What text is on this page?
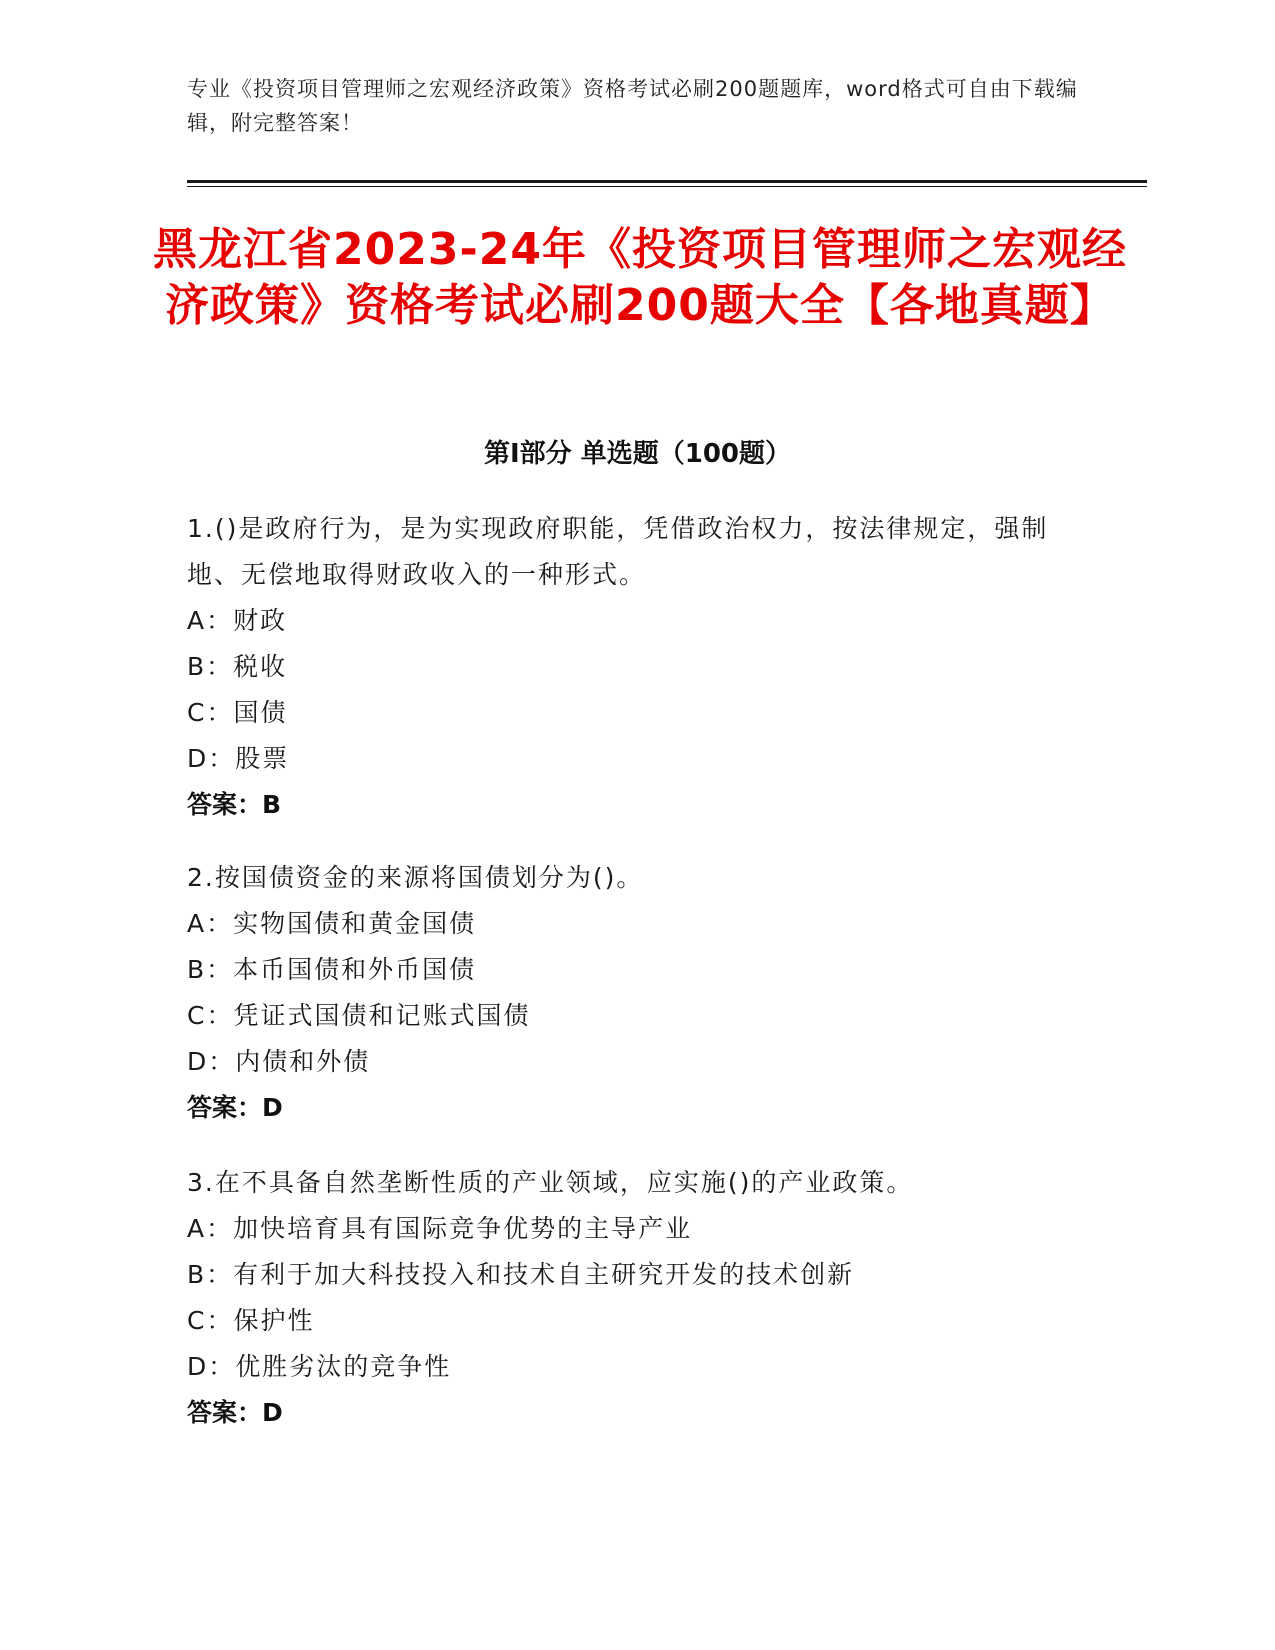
专业《投资项目管理师之宏观经济政策》资格考试必刷200题题库，word格式可自由下载编辑，附完整答案！
黑龙江省2023-24年《投资项目管理师之宏观经济政策》资格考试必刷200题大全【各地真题】
第Ⅰ部分 单选题（100题）

1.()是政府行为，是为实现政府职能，凭借政治权力，按法律规定，强制地、无偿地取得财政收入的一种形式。

A：财政

B：税收

C：国债

D：股票

答案：B

2.按国债资金的来源将国债划分为()。

A：实物国债和黄金国债

B：本币国债和外币国债

C：凭证式国债和记账式国债

D：内债和外债

答案：D

3.在不具备自然垄断性质的产业领域，应实施()的产业政策。

A：加快培育具有国际竞争优势的主导产业

B：有利于加大科技投入和技术自主研究开发的技术创新

C：保护性

D：优胜劣汰的竞争性

答案：D
